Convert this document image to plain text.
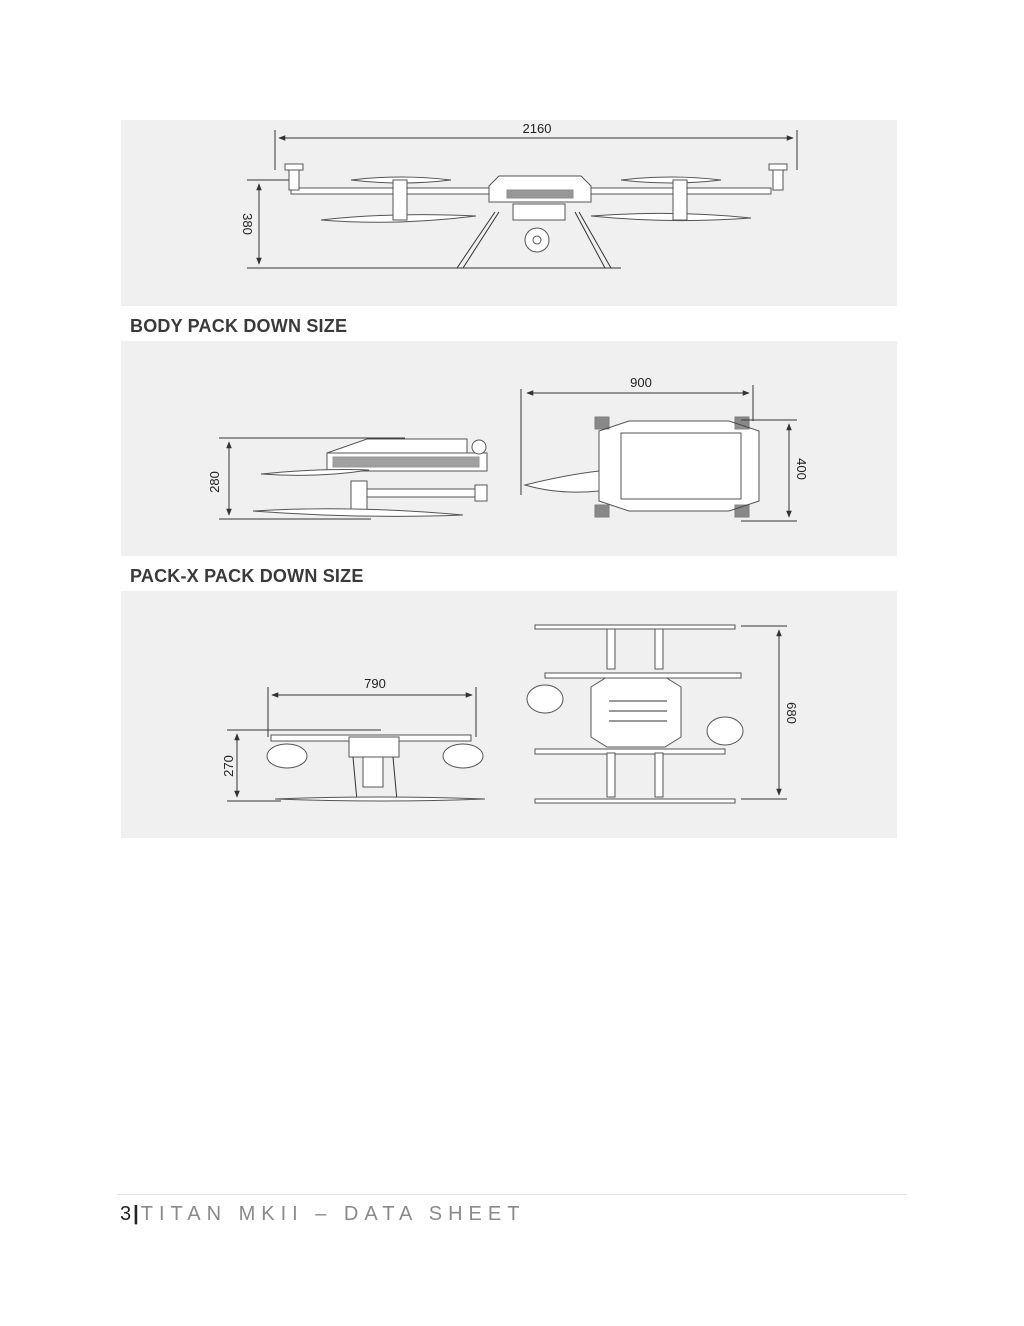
2160
380
BODY PACK DOWN SIZE
280
900
400
PACK-X PACK DOWN SIZE
790
270
680
3 | TITAN MKII – DATA SHEET
